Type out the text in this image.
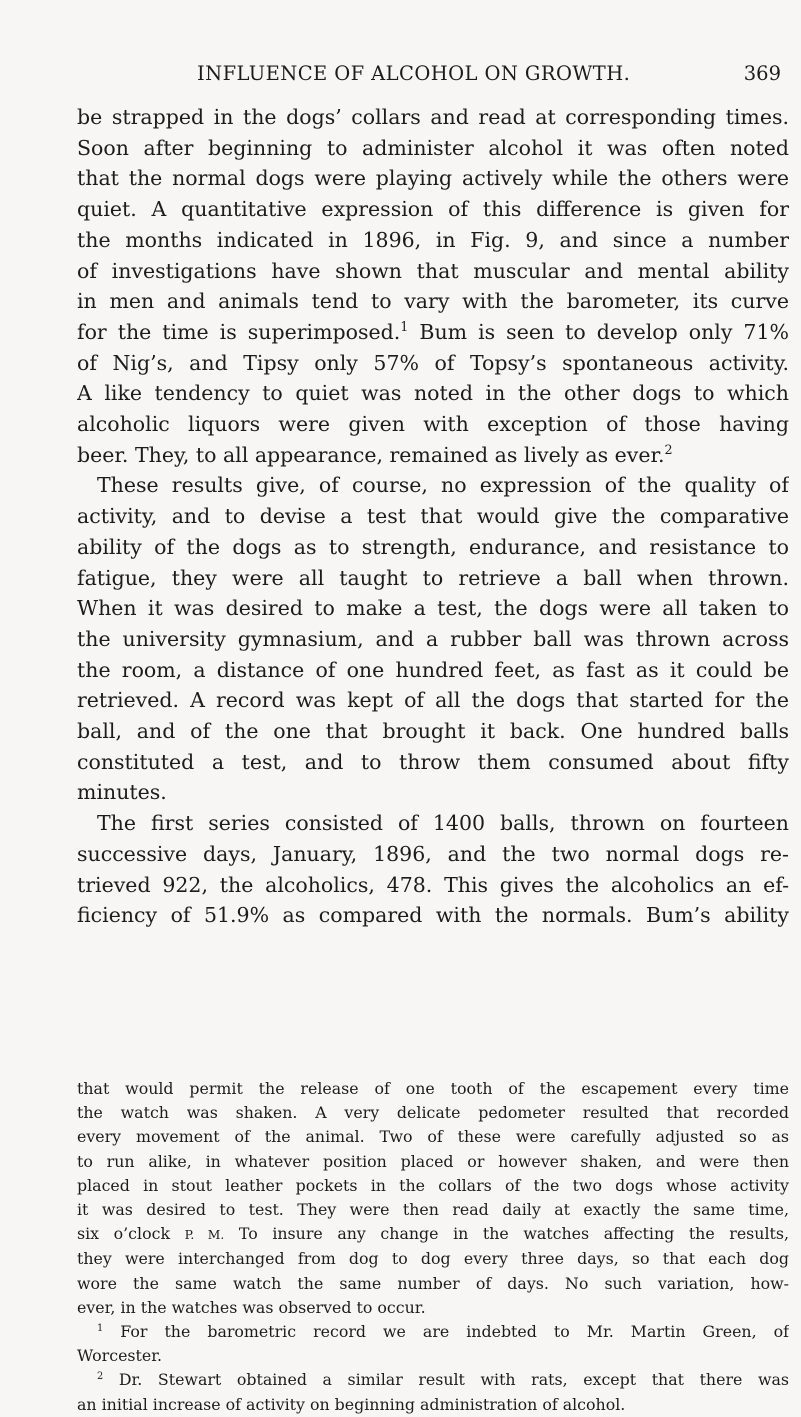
INFLUENCE OF ALCOHOL ON GROWTH.	369

be strapped in the dogs’ collars and read at corresponding times.
Soon after beginning to administer alcohol it was often noted
that the normal dogs were playing actively while the others were
quiet. A quantitative expression of this difference is given for
the months indicated in 1896, in Fig. 9, and since a number
of investigations have shown that muscular and mental ability
in men and animals tend to vary with the barometer, its curve
for the time is superimposed.$^1$ Bum is seen to develop only 71%
of Nig’s, and Tipsy only 57% of Topsy’s spontaneous activity.
A like tendency to quiet was noted in the other dogs to which
alcoholic liquors were given with exception of those having
beer. They, to all appearance, remained as lively as ever.$^2$

These results give, of course, no expression of the quality of
activity, and to devise a test that would give the comparative
ability of the dogs as to strength, endurance, and resistance to
fatigue, they were all taught to retrieve a ball when thrown.
When it was desired to make a test, the dogs were all taken to
the university gymnasium, and a rubber ball was thrown across
the room, a distance of one hundred feet, as fast as it could be
retrieved. A record was kept of all the dogs that started for the
ball, and of the one that brought it back. One hundred balls
constituted a test, and to throw them consumed about fifty
minutes.

The first series consisted of 1400 balls, thrown on fourteen
successive days, January, 1896, and the two normal dogs re-
trieved 922, the alcoholics, 478. This gives the alcoholics an ef-
ficiency of 51.9% as compared with the normals. Bum’s ability

that would permit the release of one tooth of the escapement every time
the watch was shaken. A very delicate pedometer resulted that recorded
every movement of the animal. Two of these were carefully adjusted so as
to run alike, in whatever position placed or however shaken, and were then
placed in stout leather pockets in the collars of the two dogs whose activity
it was desired to test. They were then read daily at exactly the same time,
six o’clock P. M. To insure any change in the watches affecting the results,
they were interchanged from dog to dog every three days, so that each dog
wore the same watch the same number of days. No such variation, how-
ever, in the watches was observed to occur.

$^1$ For the barometric record we are indebted to Mr. Martin Green, of
Worcester.

$^2$ Dr. Stewart obtained a similar result with rats, except that there was
an initial increase of activity on beginning administration of alcohol.
